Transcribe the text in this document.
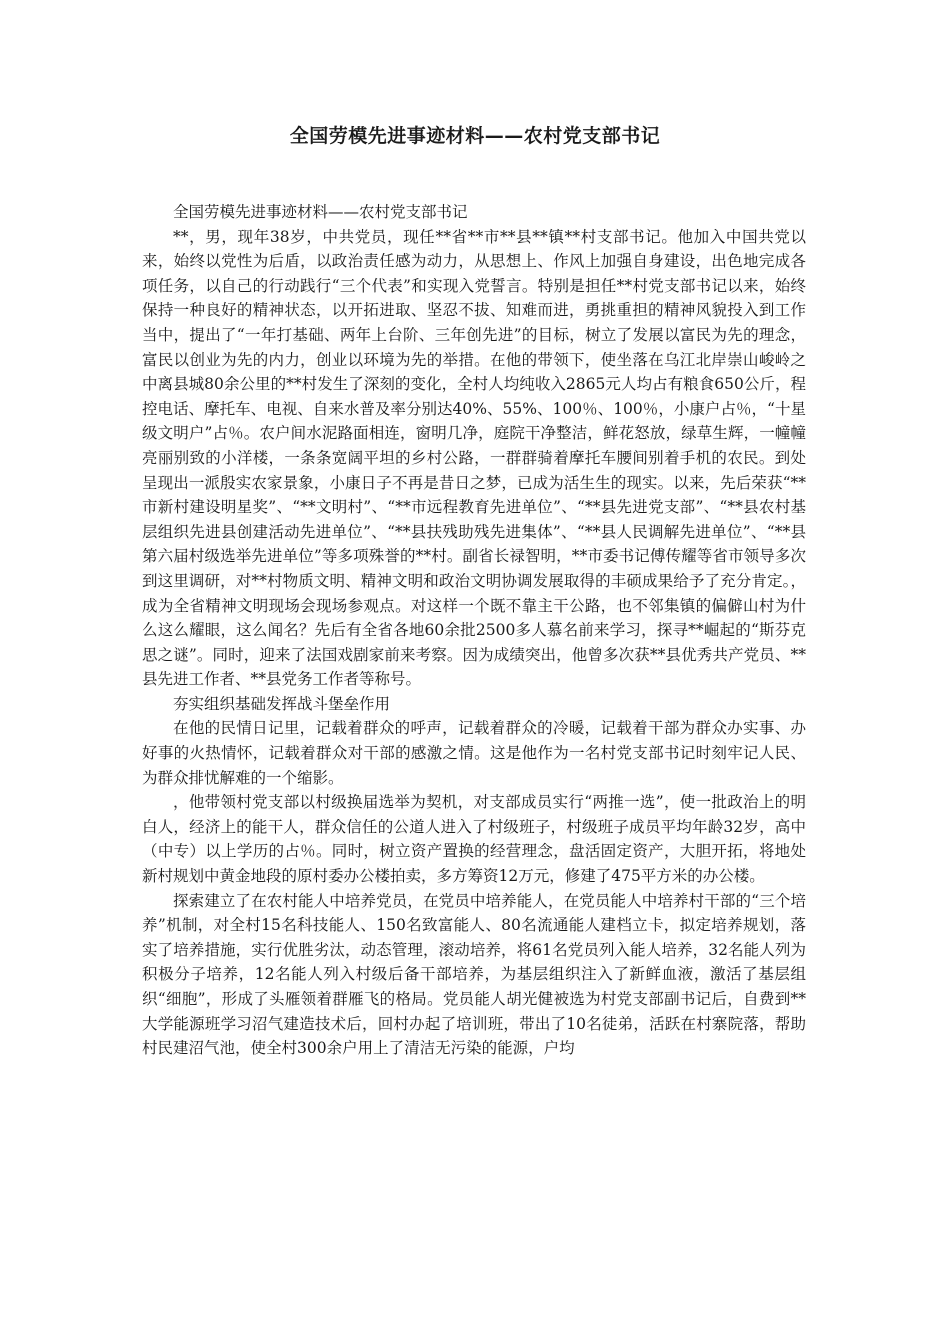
全国劳模先进事迹材料——农村党支部书记

全国劳模先进事迹材料——农村党支部书记

**，男，现年38岁，中共党员，现任**省**市**县**镇**村支部书记。他加入中国共党以来，始终以党性为后盾，以政治责任感为动力，从思想上、作风上加强自身建设，出色地完成各项任务，以自己的行动践行“三个代表”和实现入党誓言。特别是担任**村党支部书记以来，始终保持一种良好的精神状态，以开拓进取、坚忍不拔、知难而进，勇挑重担的精神风貌投入到工作当中，提出了“一年打基础、两年上台阶、三年创先进”的目标，树立了发展以富民为先的理念，富民以创业为先的内力，创业以环境为先的举措。在他的带领下，使坐落在乌江北岸崇山峻岭之中离县城80余公里的**村发生了深刻的变化，全村人均纯收入2865元人均占有粮食650公斤，程控电话、摩托车、电视、自来水普及率分别达40%、55%、100％、100％，小康户占％，“十星级文明户”占％。农户间水泥路面相连，窗明几净，庭院干净整洁，鲜花怒放，绿草生辉，一幢幢亮丽别致的小洋楼，一条条宽阔平坦的乡村公路，一群群骑着摩托车腰间别着手机的农民。到处呈现出一派殷实农家景象，小康日子不再是昔日之梦，已成为活生生的现实。以来，先后荣获“**市新村建设明星奖”、“**文明村”、“**市远程教育先进单位”、“**县先进党支部”、“**县农村基层组织先进县创建活动先进单位”、“**县扶残助残先进集体”、“**县人民调解先进单位”、“**县第六届村级选举先进单位”等多项殊誉的**村。副省长禄智明，**市委书记傅传耀等省市领导多次到这里调研，对**村物质文明、精神文明和政治文明协调发展取得的丰硕成果给予了充分肯定。，成为全省精神文明现场会现场参观点。对这样一个既不靠主干公路，也不邻集镇的偏僻山村为什么这么耀眼，这么闻名？先后有全省各地60余批2500多人慕名前来学习，探寻**崛起的“斯芬克思之谜”。同时，迎来了法国戏剧家前来考察。因为成绩突出，他曾多次获**县优秀共产党员、**县先进工作者、**县党务工作者等称号。

夯实组织基础发挥战斗堡垒作用

在他的民情日记里，记载着群众的呼声，记载着群众的冷暖，记载着干部为群众办实事、办好事的火热情怀，记载着群众对干部的感激之情。这是他作为一名村党支部书记时刻牢记人民、为群众排忧解难的一个缩影。

，他带领村党支部以村级换届选举为契机，对支部成员实行“两推一选”，使一批政治上的明白人，经济上的能干人，群众信任的公道人进入了村级班子，村级班子成员平均年龄32岁，高中（中专）以上学历的占％。同时，树立资产置换的经营理念，盘活固定资产，大胆开拓，将地处新村规划中黄金地段的原村委办公楼拍卖，多方筹资12万元，修建了475平方米的办公楼。

探索建立了在农村能人中培养党员，在党员中培养能人，在党员能人中培养村干部的“三个培养”机制，对全村15名科技能人、150名致富能人、80名流通能人建档立卡，拟定培养规划，落实了培养措施，实行优胜劣汰，动态管理，滚动培养，将61名党员列入能人培养，32名能人列为积极分子培养，12名能人列入村级后备干部培养，为基层组织注入了新鲜血液，激活了基层组织“细胞”，形成了头雁领着群雁飞的格局。党员能人胡光健被选为村党支部副书记后，自费到**大学能源班学习沼气建造技术后，回村办起了培训班，带出了10名徒弟，活跃在村寨院落，帮助村民建沼气池，使全村300余户用上了清洁无污染的能源，户均
